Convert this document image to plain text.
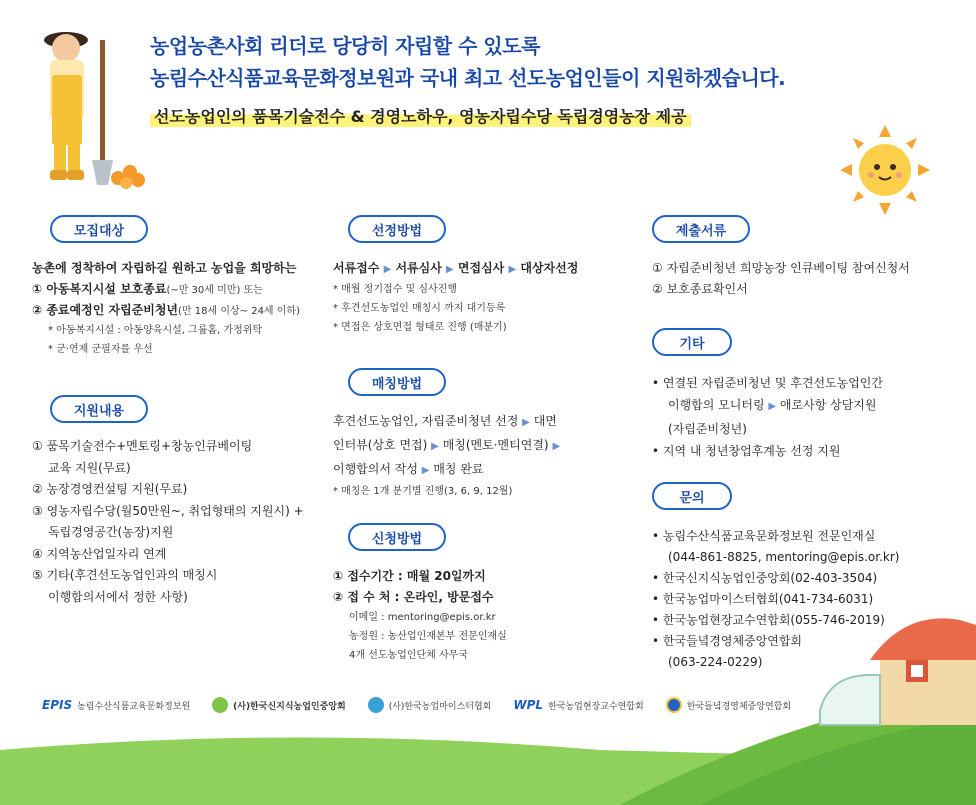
농업농촌사회 리더로 당당히 자립할 수 있도록
농림수산식품교육문화정보원과 국내 최고 선도농업인들이 지원하겠습니다.
선도농업인의 품목기술전수 & 경영노하우, 영농자립수당 독립경영농장 제공
모집대상
농촌에 정착하여 자립하길 원하고 농업을 희망하는
① 아동복지시설 보호종료(~만 30세 미만) 또는
② 종료예정인 자립준비청년(만 18세 이상~ 24세 이하)
* 아동복지시설 : 아동양육시설, 그룹홈, 가정위탁
* 군·연제 군필자를 우선
지원내용
① 품목기술전수+멘토링+창농인큐베이팅
교육 지원(무료)
② 농장경영컨설팅 지원(무료)
③ 영농자립수당(월50만원~, 취업형태의 지원시) +
독립경영공간(농장)지원
④ 지역농산업일자리 연계
⑤ 기타(후견선도농업인과의 매칭시
이행합의서에서 정한 사항)
선정방법
서류접수 ▶ 서류심사 ▶ 면접심사 ▶ 대상자선정
* 매월 정기접수 및 심사진행
* 후견선도농업인 매칭시 까지 대기등록
* 면접은 상호면접 형태로 진행 (매분기)
매칭방법
후견선도농업인, 자립준비청년 선정 ▶ 대면
인터뷰(상호 면접) ▶ 매칭(멘토·멘티연결) ▶
이행합의서 작성 ▶ 매칭 완료
* 매칭은 1개 분기별 진행(3, 6, 9, 12월)
신청방법
① 접수기간 : 매월 20일까지
② 접 수 처 : 온라인, 방문접수
이메일 : mentoring@epis.or.kr
농정원 : 농산업인재본부 전문인재실
4개 선도농업인단체 사무국
제출서류
① 자립준비청년 희망농장 인큐베이팅 참여신청서
② 보호종료확인서
기타
• 연결된 자립준비청년 및 후견선도농업인간
이행합의 모니터링 ▶ 애로사항 상담지원
(자립준비청년)
• 지역 내 청년창업후계농 선정 지원
문의
• 농림수산식품교육문화정보원 전문인재실
(044-861-8825, mentoring@epis.or.kr)
• 한국신지식농업인중앙회(02-403-3504)
• 한국농업마이스터협회(041-734-6031)
• 한국농업현장교수연합회(055-746-2019)
• 한국들녘경영체중앙연합회
(063-224-0229)
EPIS 농림수산식품교육문화정보원	(사)한국신지식농업인중앙회	(사)한국농업마이스터협회 WPL 한국농업현장교수연합회	한국들녘경영체중앙연합회
